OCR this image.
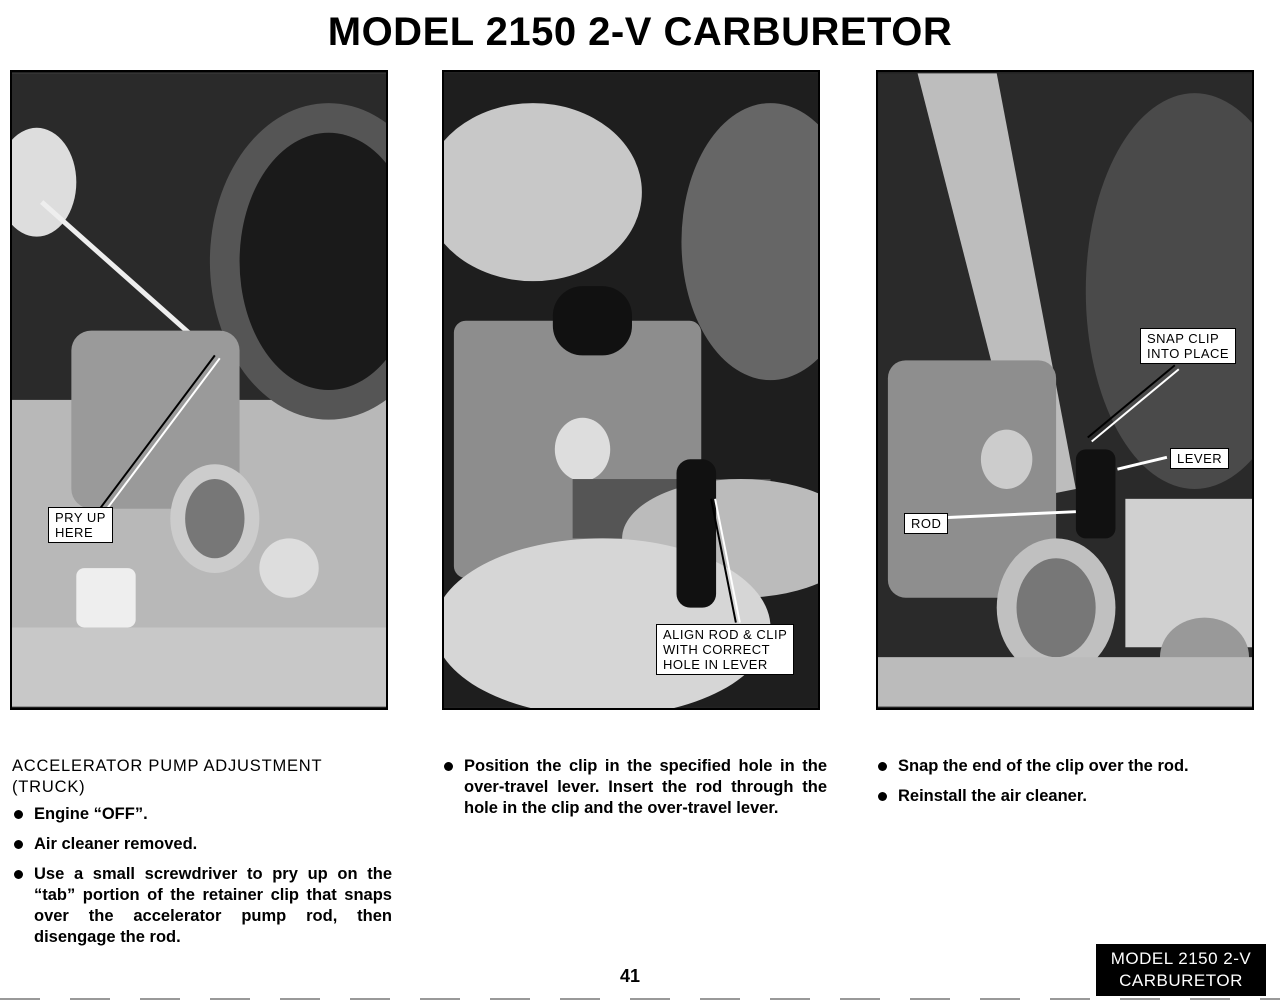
MODEL 2150 2-V CARBURETOR
PRY UP
HERE
ALIGN ROD & CLIP
WITH CORRECT
HOLE IN LEVER
SNAP CLIP
INTO PLACE
LEVER
ROD
ACCELERATOR PUMP ADJUSTMENT
(TRUCK)
Engine “OFF”.
Air cleaner removed.
Use a small screwdriver to pry up on the “tab” portion of the retainer clip that snaps over the accelerator pump rod, then disengage the rod.
Position the clip in the specified hole in the over-travel lever. Insert the rod through the hole in the clip and the over-travel lever.
Snap the end of the clip over the rod.
Reinstall the air cleaner.
41
MODEL 2150 2-V
CARBURETOR
